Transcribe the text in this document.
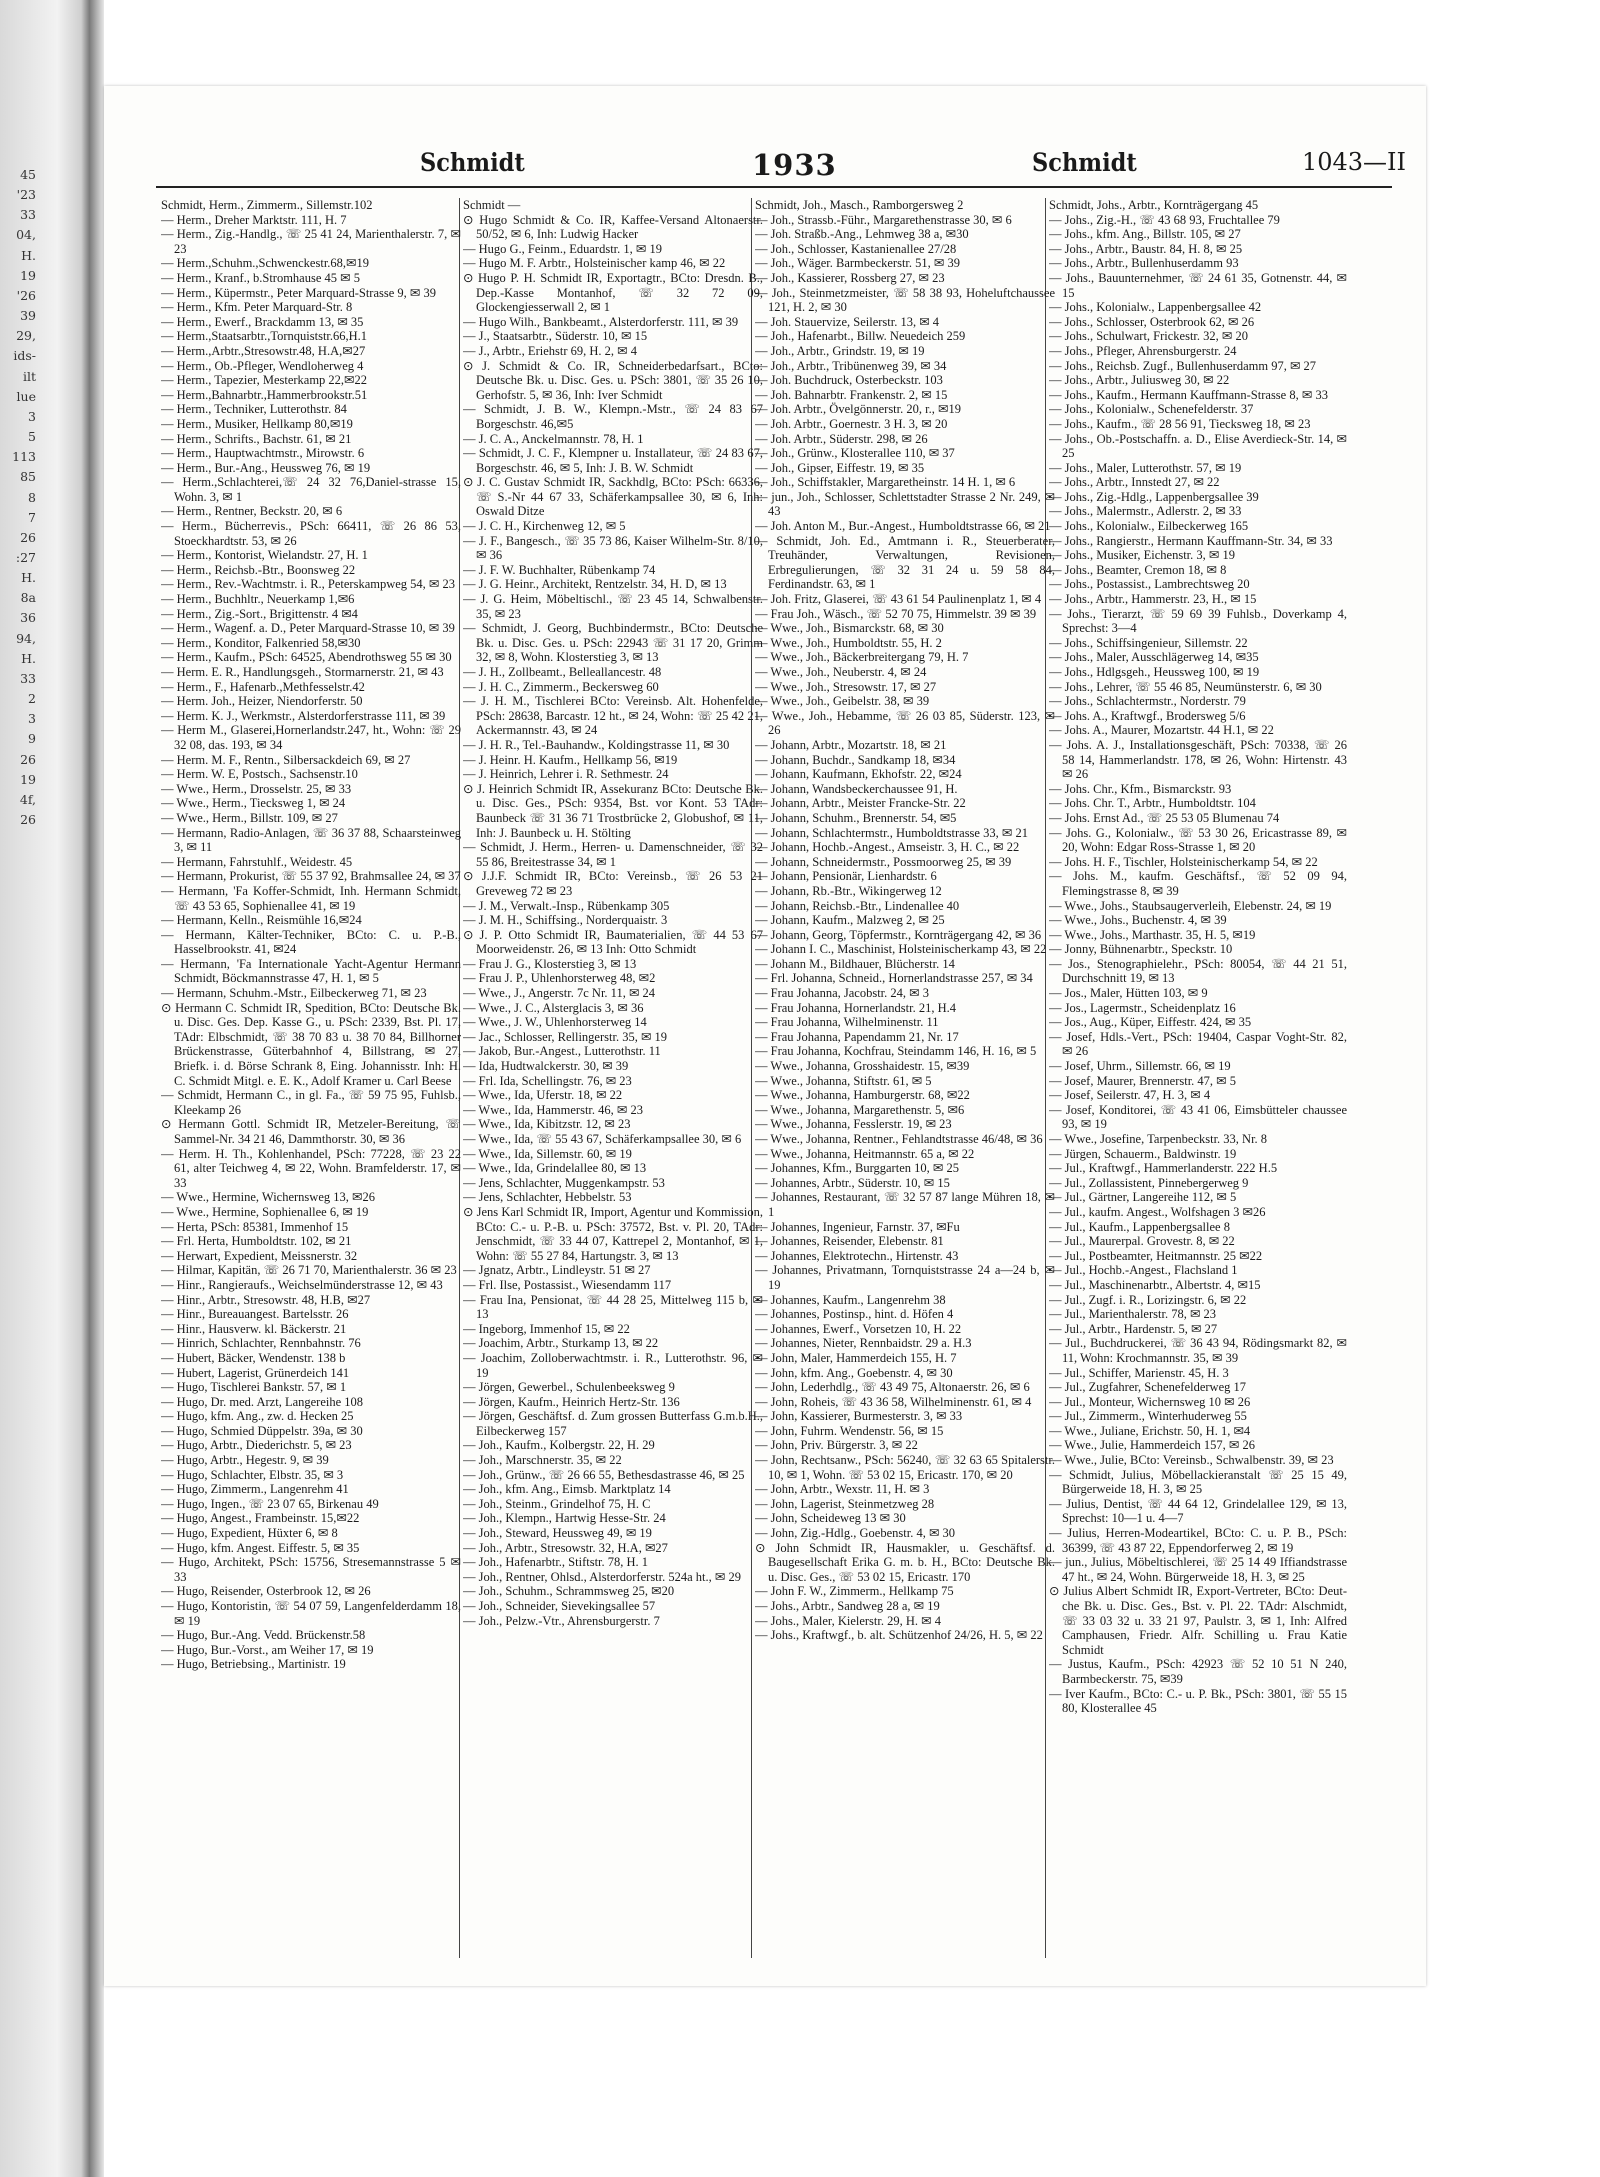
45
'23
33
04,
H.
19
'26
39
29,
ids-
ilt
lue
3
5
113
85
8
7
26
:27
H.
8a
36
94,
H.
33
2
3
9
26
19
4f,
26
Schmidt	1933	Schmidt	1043—II

Schmidt, Herm., Zimmerm., Sillemstr.102

— Herm., Dreher Marktstr. 111, H. 7

— Herm., Zig.-Handlg., ☏ 25 41 24, Marienthalerstr. 7, ✉ 23

— Herm.,Schuhm.,Schwenckestr.68,✉19

— Herm., Kranf., b.Stromhause 45 ✉ 5

— Herm., Küpermstr., Peter Marquard-Strasse 9, ✉ 39

— Herm., Kfm. Peter Marquard-Str. 8

— Herm., Ewerf., Brackdamm 13, ✉ 35

— Herm.,Staatsarbtr.,Tornquiststr.66,H.1

— Herm.,Arbtr.,Stresowstr.48, H.A,✉27

— Herm., Ob.-Pfleger, Wendloherweg 4

— Herm., Tapezier, Mesterkamp 22,✉22

— Herm.,Bahnarbtr.,Hammerbrookstr.51

— Herm., Techniker, Lutterothstr. 84

— Herm., Musiker, Hellkamp 80,✉19

— Herm., Schrifts., Bachstr. 61, ✉ 21

— Herm., Hauptwachtmstr., Mirowstr. 6

— Herm., Bur.-Ang., Heussweg 76, ✉ 19

— Herm.,Schlachterei,☏ 24 32 76,Daniel-strasse 15, Wohn. 3, ✉ 1

— Herm., Rentner, Beckstr. 20, ✉ 6

— Herm., Bücherrevis., PSch: 66411, ☏ 26 86 53, Stoeckhardtstr. 53, ✉ 26

— Herm., Kontorist, Wielandstr. 27, H. 1

— Herm., Reichsb.-Btr., Boonsweg 22

— Herm., Rev.-Wachtmstr. i. R., Peterskampweg 54, ✉ 23

— Herm., Buchhltr., Neuerkamp 1,✉6

— Herm., Zig.-Sort., Brigittenstr. 4 ✉4

— Herm., Wagenf. a. D., Peter Marquard-Strasse 10, ✉ 39

— Herm., Konditor, Falkenried 58,✉30

— Herm., Kaufm., PSch: 64525, Abendrothsweg 55 ✉ 30

— Herm. E. R., Handlungsgeh., Stormarnerstr. 21, ✉ 43

— Herm., F., Hafenarb.,Methfesselstr.42

— Herm. Joh., Heizer, Niendorferstr. 50

— Herm. K. J., Werkmstr., Alsterdorferstrasse 111, ✉ 39

— Herm M., Glaserei,Hornerlandstr.247, ht., Wohn: ☏ 29 32 08, das. 193, ✉ 34

— Herm. M. F., Rentn., Silbersackdeich 69, ✉ 27

— Herm. W. E, Postsch., Sachsenstr.10

— Wwe., Herm., Drosselstr. 25, ✉ 33

— Wwe., Herm., Tiecksweg 1, ✉ 24

— Wwe., Herm., Billstr. 109, ✉ 27

— Hermann, Radio-Anlagen, ☏ 36 37 88, Schaarsteinweg 3, ✉ 11

— Hermann, Fahrstuhlf., Weidestr. 45

— Hermann, Prokurist, ☏ 55 37 92, Brahmsallee 24, ✉ 37

— Hermann, 'Fa Koffer-Schmidt, Inh. Hermann Schmidt, ☏ 43 53 65, Sophienallee 41, ✉ 19

— Hermann, Kelln., Reismühle 16,✉24

— Hermann, Kälter-Techniker, BCto: C. u. P.-B., Hasselbrookstr. 41, ✉24

— Hermann, 'Fa Internationale Yacht-Agentur Hermann Schmidt, Böckmannstrasse 47, H. 1, ✉ 5

— Hermann, Schuhm.-Mstr., Eilbeckerweg 71, ✉ 23

⊙ Hermann C. Schmidt IR, Spedition, BCto: Deutsche Bk. u. Disc. Ges. Dep. Kasse G., u. PSch: 2339, Bst. Pl. 17, TAdr: Elbschmidt, ☏ 38 70 83 u. 38 70 84, Billhorner Brückenstrasse, Güterbahnhof 4, Billstrang, ✉ 27, Briefk. i. d. Börse Schrank 8, Eing. Johannisstr. Inh: H. C. Schmidt Mitgl. e. E. K., Adolf Kramer u. Carl Beese

— Schmidt, Hermann C., in gl. Fa., ☏ 59 75 95, Fuhlsb., Kleekamp 26

⊙ Hermann Gottl. Schmidt IR, Metzeler-Bereitung, ☏ Sammel-Nr. 34 21 46, Dammthorstr. 30, ✉ 36

— Herm. H. Th., Kohlenhandel, PSch: 77228, ☏ 23 22 61, alter Teichweg 4, ✉ 22, Wohn. Bramfelderstr. 17, ✉ 33

— Wwe., Hermine, Wichernsweg 13, ✉26

— Wwe., Hermine, Sophienallee 6, ✉ 19

— Herta, PSch: 85381, Immenhof 15

— Frl. Herta, Humboldtstr. 102, ✉ 21

— Herwart, Expedient, Meissnerstr. 32

— Hilmar, Kapitän, ☏ 26 71 70, Marienthalerstr. 36 ✉ 23

— Hinr., Rangieraufs., Weichselmünderstrasse 12, ✉ 43

— Hinr., Arbtr., Stresowstr. 48, H.B, ✉27

— Hinr., Bureauangest. Bartelsstr. 26

— Hinr., Hausverw. kl. Bäckerstr. 21

— Hinrich, Schlachter, Rennbahnstr. 76

— Hubert, Bäcker, Wendenstr. 138 b

— Hubert, Lagerist, Grünerdeich 141

— Hugo, Tischlerei Bankstr. 57, ✉ 1

— Hugo, Dr. med. Arzt, Langereihe 108

— Hugo, kfm. Ang., zw. d. Hecken 25

— Hugo, Schmied Düppelstr. 39a, ✉ 30

— Hugo, Arbtr., Diederichstr. 5, ✉ 23

— Hugo, Arbtr., Hegestr. 9, ✉ 39

— Hugo, Schlachter, Elbstr. 35, ✉ 3

— Hugo, Zimmerm., Langenrehm 41

— Hugo, Ingen., ☏ 23 07 65, Birkenau 49

— Hugo, Angest., Frambeinstr. 15,✉22

— Hugo, Expedient, Hüxter 6, ✉ 8

— Hugo, kfm. Angest. Eiffestr. 5, ✉ 35

— Hugo, Architekt, PSch: 15756, Stresemannstrasse 5 ✉ 33

— Hugo, Reisender, Osterbrook 12, ✉ 26

— Hugo, Kontoristin, ☏ 54 07 59, Langenfelderdamm 18, ✉ 19

— Hugo, Bur.-Ang. Vedd. Brückenstr.58

— Hugo, Bur.-Vorst., am Weiher 17, ✉ 19

— Hugo, Betriebsing., Martinistr. 19

Schmidt —

⊙ Hugo Schmidt & Co. IR, Kaffee-Versand Altonaerstr. 50/52, ✉ 6, Inh: Ludwig Hacker

— Hugo G., Feinm., Eduardstr. 1, ✉ 19

— Hugo M. F. Arbtr., Holsteinischer kamp 46, ✉ 22

⊙ Hugo P. H. Schmidt IR, Exportagtr., BCto: Dresdn. B., Dep.-Kasse Montanhof, ☏ 32 72 09, Glockengiesserwall 2, ✉ 1

— Hugo Wilh., Bankbeamt., Alsterdorferstr. 111, ✉ 39

— J., Staatsarbtr., Süderstr. 10, ✉ 15

— J., Arbtr., Eriehstr 69, H. 2, ✉ 4

⊙ J. Schmidt & Co. IR, Schneiderbedarfsart., BCto: Deutsche Bk. u. Disc. Ges. u. PSch: 3801, ☏ 35 26 10, Gerhofstr. 5, ✉ 36, Inh: Iver Schmidt

— Schmidt, J. B. W., Klempn.-Mstr., ☏ 24 83 67 Borgeschstr. 46,✉5

— J. C. A., Anckelmannstr. 78, H. 1

— Schmidt, J. C. F., Klempner u. Installateur, ☏ 24 83 67, Borgeschstr. 46, ✉ 5, Inh: J. B. W. Schmidt

⊙ J. C. Gustav Schmidt IR, Sackhdlg, BCto: PSch: 66336, ☏ S.-Nr 44 67 33, Schäferkampsallee 30, ✉ 6, Inh: Oswald Ditze

— J. C. H., Kirchenweg 12, ✉ 5

— J. F., Bangesch., ☏ 35 73 86, Kaiser Wilhelm-Str. 8/10, ✉ 36

— J. F. W. Buchhalter, Rübenkamp 74

— J. G. Heinr., Architekt, Rentzelstr. 34, H. D, ✉ 13

— J. G. Heim, Möbeltischl., ☏ 23 45 14, Schwalbenstr. 35, ✉ 23

— Schmidt, J. Georg, Buchbindermstr., BCto: Deutsche Bk. u. Disc. Ges. u. PSch: 22943 ☏ 31 17 20, Grimm 32, ✉ 8, Wohn. Klosterstieg 3, ✉ 13

— J. H., Zollbeamt., Belleallancestr. 48

— J. H. C., Zimmerm., Beckersweg 60

— J. H. M., Tischlerei BCto: Vereinsb. Alt. Hohenfelde, PSch: 28638, Barcastr. 12 ht., ✉ 24, Wohn: ☏ 25 42 21, Ackermannstr. 43, ✉ 24

— J. H. R., Tel.-Bauhandw., Koldingstrasse 11, ✉ 30

— J. Heinr. H. Kaufm., Hellkamp 56, ✉19

— J. Heinrich, Lehrer i. R. Sethmestr. 24

⊙ J. Heinrich Schmidt IR, Assekuranz BCto: Deutsche Bk. u. Disc. Ges., PSch: 9354, Bst. vor Kont. 53 TAdr: Baunbeck ☏ 31 36 71 Trostbrücke 2, Globushof, ✉ 11, Inh: J. Baunbeck u. H. Stölting

— Schmidt, J. Herm., Herren- u. Damenschneider, ☏ 32 55 86, Breitestrasse 34, ✉ 1

⊙ J.J.F. Schmidt IR, BCto: Vereinsb., ☏ 26 53 21 Greveweg 72 ✉ 23

— J. M., Verwalt.-Insp., Rübenkamp 305

— J. M. H., Schiffsing., Norderquaistr. 3

⊙ J. P. Otto Schmidt IR, Baumaterialien, ☏ 44 53 67 Moorweidenstr. 26, ✉ 13 Inh: Otto Schmidt

— Frau J. G., Klosterstieg 3, ✉ 13

— Frau J. P., Uhlenhorsterweg 48, ✉2

— Wwe., J., Angerstr. 7c Nr. 11, ✉ 24

— Wwe., J. C., Alsterglacis 3, ✉ 36

— Wwe., J. W., Uhlenhorsterweg 14

— Jac., Schlosser, Rellingerstr. 35, ✉ 19

— Jakob, Bur.-Angest., Lutterothstr. 11

— Ida, Hudtwalckerstr. 30, ✉ 39

— Frl. Ida, Schellingstr. 76, ✉ 23

— Wwe., Ida, Uferstr. 18, ✉ 22

— Wwe., Ida, Hammerstr. 46, ✉ 23

— Wwe., Ida, Kibitzstr. 12, ✉ 23

— Wwe., Ida, ☏ 55 43 67, Schäferkampsallee 30, ✉ 6

— Wwe., Ida, Sillemstr. 60, ✉ 19

— Wwe., Ida, Grindelallee 80, ✉ 13

— Jens, Schlachter, Muggenkampstr. 53

— Jens, Schlachter, Hebbelstr. 53

⊙ Jens Karl Schmidt IR, Import, Agentur und Kommission, BCto: C.- u. P.-B. u. PSch: 37572, Bst. v. Pl. 20, TAdr: Jenschmidt, ☏ 33 44 07, Kattrepel 2, Montanhof, ✉ 1, Wohn: ☏ 55 27 84, Hartungstr. 3, ✉ 13

— Jgnatz, Arbtr., Lindleystr. 51 ✉ 27

— Frl. Ilse, Postassist., Wiesendamm 117

— Frau Ina, Pensionat, ☏ 44 28 25, Mittelweg 115 b, ✉ 13

— Ingeborg, Immenhof 15, ✉ 22

— Joachim, Arbtr., Sturkamp 13, ✉ 22

— Joachim, Zolloberwachtmstr. i. R., Lutterothstr. 96, ✉ 19

— Jörgen, Gewerbel., Schulenbeeksweg 9

— Jörgen, Kaufm., Heinrich Hertz-Str. 136

— Jörgen, Geschäftsf. d. Zum grossen Butterfass G.m.b.H., Eilbeckerweg 157

— Joh., Kaufm., Kolbergstr. 22, H. 29

— Joh., Marschnerstr. 35, ✉ 22

— Joh., Grünw., ☏ 26 66 55, Bethesdastrasse 46, ✉ 25

— Joh., kfm. Ang., Eimsb. Marktplatz 14

— Joh., Steinm., Grindelhof 75, H. C

— Joh., Klempn., Hartwig Hesse-Str. 24

— Joh., Steward, Heussweg 49, ✉ 19

— Joh., Arbtr., Stresowstr. 32, H.A, ✉27

— Joh., Hafenarbtr., Stiftstr. 78, H. 1

— Joh., Rentner, Ohlsd., Alsterdorferstr. 524a ht., ✉ 29

— Joh., Schuhm., Schrammsweg 25, ✉20

— Joh., Schneider, Sievekingsallee 57

— Joh., Pelzw.-Vtr., Ahrensburgerstr. 7

Schmidt, Joh., Masch., Ramborgersweg 2

— Joh., Strassb.-Führ., Margarethenstrasse 30, ✉ 6

— Joh. Straßb.-Ang., Lehmweg 38 a, ✉30

— Joh., Schlosser, Kastanienallee 27/28

— Joh., Wäger. Barmbeckerstr. 51, ✉ 39

— Joh., Kassierer, Rossberg 27, ✉ 23

— Joh., Steinmetzmeister, ☏ 58 38 93, Hoheluftchaussee 121, H. 2, ✉ 30

— Joh. Stauervize, Seilerstr. 13, ✉ 4

— Joh., Hafenarbt., Billw. Neuedeich 259

— Joh., Arbtr., Grindstr. 19, ✉ 19

— Joh., Arbtr., Tribünenweg 39, ✉ 34

— Joh. Buchdruck, Osterbeckstr. 103

— Joh. Bahnarbtr. Frankenstr. 2, ✉ 15

— Joh. Arbtr., Övelgönnerstr. 20, r., ✉19

— Joh. Arbtr., Goernestr. 3 H. 3, ✉ 20

— Joh. Arbtr., Süderstr. 298, ✉ 26

— Joh., Grünw., Klosterallee 110, ✉ 37

— Joh., Gipser, Eiffestr. 19, ✉ 35

— Joh., Schiffstakler, Margaretheinstr. 14 H. 1, ✉ 6

— jun., Joh., Schlosser, Schlettstadter Strasse 2 Nr. 249, ✉ 43

— Joh. Anton M., Bur.-Angest., Humboldtstrasse 66, ✉ 21

— Schmidt, Joh. Ed., Amtmann i. R., Steuerberater, Treuhänder, Verwaltungen, Revisionen, Erbregulierungen, ☏ 32 31 24 u. 59 58 84, Ferdinandstr. 63, ✉ 1

— Joh. Fritz, Glaserei, ☏ 43 61 54 Paulinenplatz 1, ✉ 4

— Frau Joh., Wäsch., ☏ 52 70 75, Himmelstr. 39 ✉ 39

— Wwe., Joh., Bismarckstr. 68, ✉ 30

— Wwe., Joh., Humboldtstr. 55, H. 2

— Wwe., Joh., Bäckerbreitergang 79, H. 7

— Wwe., Joh., Neuberstr. 4, ✉ 24

— Wwe., Joh., Stresowstr. 17, ✉ 27

— Wwe., Joh., Geibelstr. 38, ✉ 39

— Wwe., Joh., Hebamme, ☏ 26 03 85, Süderstr. 123, ✉ 26

— Johann, Arbtr., Mozartstr. 18, ✉ 21

— Johann, Buchdr., Sandkamp 18, ✉34

— Johann, Kaufmann, Ekhofstr. 22, ✉24

— Johann, Wandsbeckerchaussee 91, H.

— Johann, Arbtr., Meister Francke-Str. 22

— Johann, Schuhm., Brennerstr. 54, ✉5

— Johann, Schlachtermstr., Humboldtstrasse 33, ✉ 21

— Johann, Hochb.-Angest., Amseistr. 3, H. C., ✉ 22

— Johann, Schneidermstr., Possmoorweg 25, ✉ 39

— Johann, Pensionär, Lienhardstr. 6

— Johann, Rb.-Btr., Wikingerweg 12

— Johann, Reichsb.-Btr., Lindenallee 40

— Johann, Kaufm., Malzweg 2, ✉ 25

— Johann, Georg, Töpfermstr., Kornträgergang 42, ✉ 36

— Johann I. C., Maschinist, Holsteinischerkamp 43, ✉ 22

— Johann M., Bildhauer, Blücherstr. 14

— Frl. Johanna, Schneid., Hornerlandstrasse 257, ✉ 34

— Frau Johanna, Jacobstr. 24, ✉ 3

— Frau Johanna, Hornerlandstr. 21, H.4

— Frau Johanna, Wilhelminenstr. 11

— Frau Johanna, Papendamm 21, Nr. 17

— Frau Johanna, Kochfrau, Steindamm 146, H. 16, ✉ 5

— Wwe., Johanna, Grosshaidestr. 15, ✉39

— Wwe., Johanna, Stiftstr. 61, ✉ 5

— Wwe., Johanna, Hamburgerstr. 68, ✉22

— Wwe., Johanna, Margarethenstr. 5, ✉6

— Wwe., Johanna, Fesslerstr. 19, ✉ 23

— Wwe., Johanna, Rentner., Fehlandtstrasse 46/48, ✉ 36

— Wwe., Johanna, Heitmannstr. 65 a, ✉ 22

— Johannes, Kfm., Burggarten 10, ✉ 25

— Johannes, Arbtr., Süderstr. 10, ✉ 15

— Johannes, Restaurant, ☏ 32 57 87 lange Mühren 18, ✉ 1

— Johannes, Ingenieur, Farnstr. 37, ✉Fu

— Johannes, Reisender, Elebenstr. 81

— Johannes, Elektrotechn., Hirtenstr. 43

— Johannes, Privatmann, Tornquiststrasse 24 a—24 b, ✉ 19

— Johannes, Kaufm., Langenrehm 38

— Johannes, Postinsp., hint. d. Höfen 4

— Johannes, Ewerf., Vorsetzen 10, H. 22

— Johannes, Nieter, Rennbaidstr. 29 a. H.3

— John, Maler, Hammerdeich 155, H. 7

— John, kfm. Ang., Goebenstr. 4, ✉ 30

— John, Lederhdlg., ☏ 43 49 75, Altonaerstr. 26, ✉ 6

— John, Roheis, ☏ 43 36 58, Wilhelminenstr. 61, ✉ 4

— John, Kassierer, Burmesterstr. 3, ✉ 33

— John, Fuhrm. Wendenstr. 56, ✉ 15

— John, Priv. Bürgerstr. 3, ✉ 22

— John, Rechtsanw., PSch: 56240, ☏ 32 63 65 Spitalerstr. 10, ✉ 1, Wohn. ☏ 53 02 15, Ericastr. 170, ✉ 20

— John, Arbtr., Wexstr. 11, H. ✉ 3

— John, Lagerist, Steinmetzweg 28

— John, Scheideweg 13 ✉ 30

— John, Zig.-Hdlg., Goebenstr. 4, ✉ 30

⊙ John Schmidt IR, Hausmakler, u. Geschäftsf. d. Baugesellschaft Erika G. m. b. H., BCto: Deutsche Bk. u. Disc. Ges., ☏ 53 02 15, Ericastr. 170

— John F. W., Zimmerm., Hellkamp 75

— Johs., Arbtr., Sandweg 28 a, ✉ 19

— Johs., Maler, Kielerstr. 29, H. ✉ 4

— Johs., Kraftwgf., b. alt. Schützenhof 24/26, H. 5, ✉ 22

Schmidt, Johs., Arbtr., Kornträgergang 45

— Johs., Zig.-H., ☏ 43 68 93, Fruchtallee 79

— Johs., kfm. Ang., Billstr. 105, ✉ 27

— Johs., Arbtr., Baustr. 84, H. 8, ✉ 25

— Johs., Arbtr., Bullenhuserdamm 93

— Johs., Bauunternehmer, ☏ 24 61 35, Gotnenstr. 44, ✉ 15

— Johs., Kolonialw., Lappenbergsallee 42

— Johs., Schlosser, Osterbrook 62, ✉ 26

— Johs., Schulwart, Frickestr. 32, ✉ 20

— Johs., Pfleger, Ahrensburgerstr. 24

— Johs., Reichsb. Zugf., Bullenhuserdamm 97, ✉ 27

— Johs., Arbtr., Juliusweg 30, ✉ 22

— Johs., Kaufm., Hermann Kauffmann-Strasse 8, ✉ 33

— Johs., Kolonialw., Schenefelderstr. 37

— Johs., Kaufm., ☏ 28 56 91, Tiecksweg 18, ✉ 23

— Johs., Ob.-Postschaffn. a. D., Elise Averdieck-Str. 14, ✉ 25

— Johs., Maler, Lutterothstr. 57, ✉ 19

— Johs., Arbtr., Innstedt 27, ✉ 22

— Johs., Zig.-Hdlg., Lappenbergsallee 39

— Johs., Malermstr., Adlerstr. 2, ✉ 33

— Johs., Kolonialw., Eilbeckerweg 165

— Johs., Rangierstr., Hermann Kauffmann-Str. 34, ✉ 33

— Johs., Musiker, Eichenstr. 3, ✉ 19

— Johs., Beamter, Cremon 18, ✉ 8

— Johs., Postassist., Lambrechtsweg 20

— Johs., Arbtr., Hammerstr. 23, H., ✉ 15

— Johs., Tierarzt, ☏ 59 69 39 Fuhlsb., Doverkamp 4, Sprechst: 3—4

— Johs., Schiffsingenieur, Sillemstr. 22

— Johs., Maler, Ausschlägerweg 14, ✉35

— Johs., Hdlgsgeh., Heussweg 100, ✉ 19

— Johs., Lehrer, ☏ 55 46 85, Neumünsterstr. 6, ✉ 30

— Johs., Schlachtermstr., Norderstr. 79

— Johs. A., Kraftwgf., Brodersweg 5/6

— Johs. A., Maurer, Mozartstr. 44 H.1, ✉ 22

— Johs. A. J., Installationsgeschäft, PSch: 70338, ☏ 26 58 14, Hammerlandstr. 178, ✉ 26, Wohn: Hirtenstr. 43 ✉ 26

— Johs. Chr., Kfm., Bismarckstr. 93

— Johs. Chr. T., Arbtr., Humboldtstr. 104

— Johs. Ernst Ad., ☏ 25 53 05 Blumenau 74

— Johs. G., Kolonialw., ☏ 53 30 26, Ericastrasse 89, ✉ 20, Wohn: Edgar Ross-Strasse 1, ✉ 20

— Johs. H. F., Tischler, Holsteinischerkamp 54, ✉ 22

— Johs. M., kaufm. Geschäftsf., ☏ 52 09 94, Flemingstrasse 8, ✉ 39

— Wwe., Johs., Staubsaugerverleih, Elebenstr. 24, ✉ 19

— Wwe., Johs., Buchenstr. 4, ✉ 39

— Wwe., Johs., Marthastr. 35, H. 5, ✉19

— Jonny, Bühnenarbtr., Speckstr. 10

— Jos., Stenographielehr., PSch: 80054, ☏ 44 21 51, Durchschnitt 19, ✉ 13

— Jos., Maler, Hütten 103, ✉ 9

— Jos., Lagermstr., Scheidenplatz 16

— Jos., Aug., Küper, Eiffestr. 424, ✉ 35

— Josef, Hdls.-Vert., PSch: 19404, Caspar Voght-Str. 82, ✉ 26

— Josef, Uhrm., Sillemstr. 66, ✉ 19

— Josef, Maurer, Brennerstr. 47, ✉ 5

— Josef, Seilerstr. 47, H. 3, ✉ 4

— Josef, Konditorei, ☏ 43 41 06, Eimsbütteler chaussee 93, ✉ 19

— Wwe., Josefine, Tarpenbeckstr. 33, Nr. 8

— Jürgen, Schauerm., Baldwinstr. 19

— Jul., Kraftwgf., Hammerlanderstr. 222 H.5

— Jul., Zollassistent, Pinnebergerweg 9

— Jul., Gärtner, Langereihe 112, ✉ 5

— Jul., kaufm. Angest., Wolfshagen 3 ✉26

— Jul., Kaufm., Lappenbergsallee 8

— Jul., Maurerpal. Grovestr. 8, ✉ 22

— Jul., Postbeamter, Heitmannstr. 25 ✉22

— Jul., Hochb.-Angest., Flachsland 1

— Jul., Maschinenarbtr., Albertstr. 4, ✉15

— Jul., Zugf. i. R., Lorizingstr. 6, ✉ 22

— Jul., Marienthalerstr. 78, ✉ 23

— Jul., Arbtr., Hardenstr. 5, ✉ 27

— Jul., Buchdruckerei, ☏ 36 43 94, Rödingsmarkt 82, ✉ 11, Wohn: Krochmannstr. 35, ✉ 39

— Jul., Schiffer, Marienstr. 45, H. 3

— Jul., Zugfahrer, Schenefelderweg 17

— Jul., Monteur, Wichernsweg 10 ✉ 26

— Jul., Zimmerm., Winterhuderweg 55

— Wwe., Juliane, Erichstr. 50, H. 1, ✉4

— Wwe., Julie, Hammerdeich 157, ✉ 26

— Wwe., Julie, BCto: Vereinsb., Schwalbenstr. 39, ✉ 23

— Schmidt, Julius, Möbellackieranstalt ☏ 25 15 49, Bürgerweide 18, H. 3, ✉ 25

— Julius, Dentist, ☏ 44 64 12, Grindelallee 129, ✉ 13, Sprechst: 10—1 u. 4—7

— Julius, Herren-Modeartikel, BCto: C. u. P. B., PSch: 36399, ☏ 43 87 22, Eppendorferweg 2, ✉ 19

— jun., Julius, Möbeltischlerei, ☏ 25 14 49 Iffiandstrasse 47 ht., ✉ 24, Wohn. Bürgerweide 18, H. 3, ✉ 25

⊙ Julius Albert Schmidt IR, Export-Vertreter, BCto: Deut-che Bk. u. Disc. Ges., Bst. v. Pl. 22. TAdr: Alschmidt, ☏ 33 03 32 u. 33 21 97, Paulstr. 3, ✉ 1, Inh: Alfred Camphausen, Friedr. Alfr. Schilling u. Frau Katie Schmidt

— Justus, Kaufm., PSch: 42923 ☏ 52 10 51 N 240, Barmbeckerstr. 75, ✉39

— Iver Kaufm., BCto: C.- u. P. Bk., PSch: 3801, ☏ 55 15 80, Klosterallee 45
